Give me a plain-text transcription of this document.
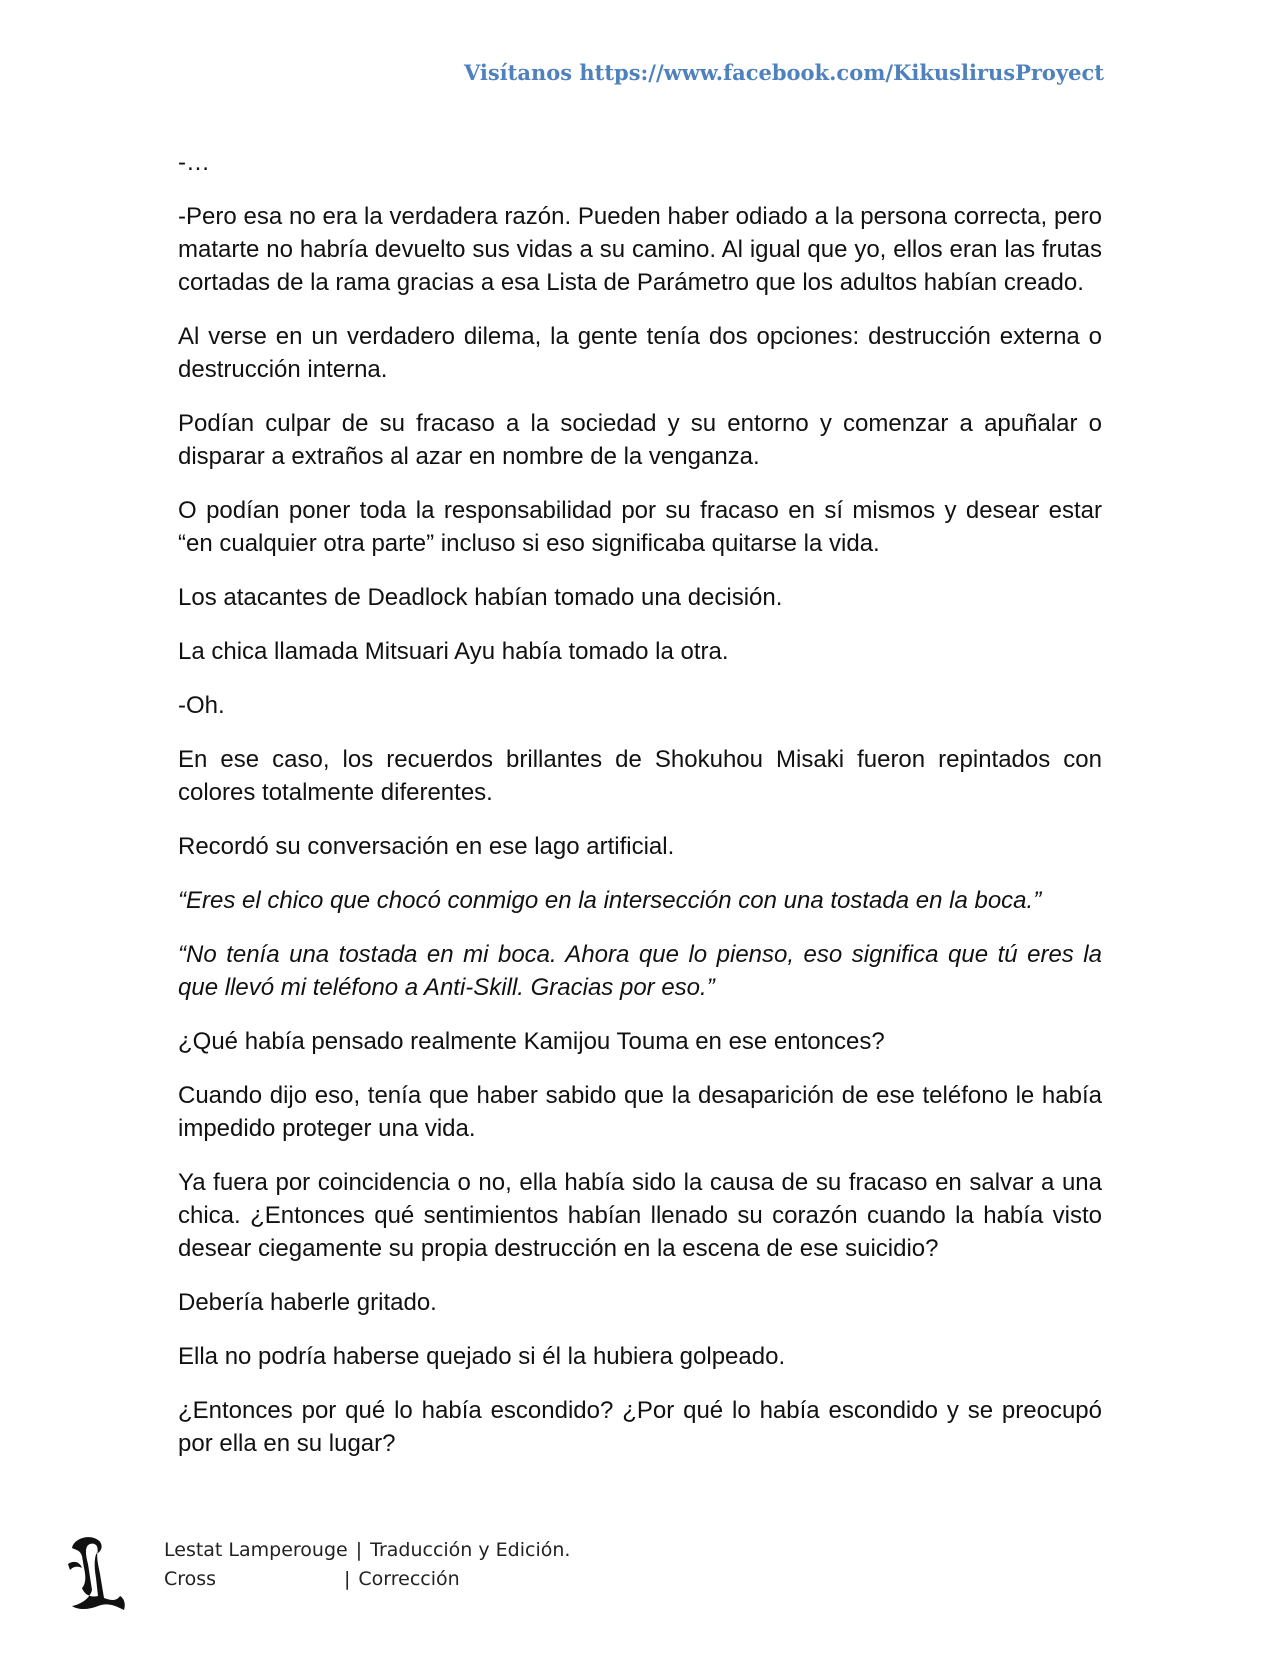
Visítanos https://www.facebook.com/KikuslirusProyect

-…

-Pero esa no era la verdadera razón. Pueden haber odiado a la persona correcta, pero matarte no habría devuelto sus vidas a su camino. Al igual que yo, ellos eran las frutas cortadas de la rama gracias a esa Lista de Parámetro que los adultos habían creado.

Al verse en un verdadero dilema, la gente tenía dos opciones: destrucción externa o destrucción interna.

Podían culpar de su fracaso a la sociedad y su entorno y comenzar a apuñalar o disparar a extraños al azar en nombre de la venganza.

O podían poner toda la responsabilidad por su fracaso en sí mismos y desear estar “en cualquier otra parte” incluso si eso significaba quitarse la vida.

Los atacantes de Deadlock habían tomado una decisión.

La chica llamada Mitsuari Ayu había tomado la otra.

-Oh.

En ese caso, los recuerdos brillantes de Shokuhou Misaki fueron repintados con colores totalmente diferentes.

Recordó su conversación en ese lago artificial.

“Eres el chico que chocó conmigo en la intersección con una tostada en la boca.”

“No tenía una tostada en mi boca. Ahora que lo pienso, eso significa que tú eres la que llevó mi teléfono a Anti-Skill. Gracias por eso.”

¿Qué había pensado realmente Kamijou Touma en ese entonces?

Cuando dijo eso, tenía que haber sabido que la desaparición de ese teléfono le había impedido proteger una vida.

Ya fuera por coincidencia o no, ella había sido la causa de su fracaso en salvar a una chica. ¿Entonces qué sentimientos habían llenado su corazón cuando la había visto desear ciegamente su propia destrucción en la escena de ese suicidio?

Debería haberle gritado.

Ella no podría haberse quejado si él la hubiera golpeado.

¿Entonces por qué lo había escondido? ¿Por qué lo había escondido y se preocupó por ella en su lugar?

Lestat Lamperouge | Traducción y Edición.
Cross	| Corrección
